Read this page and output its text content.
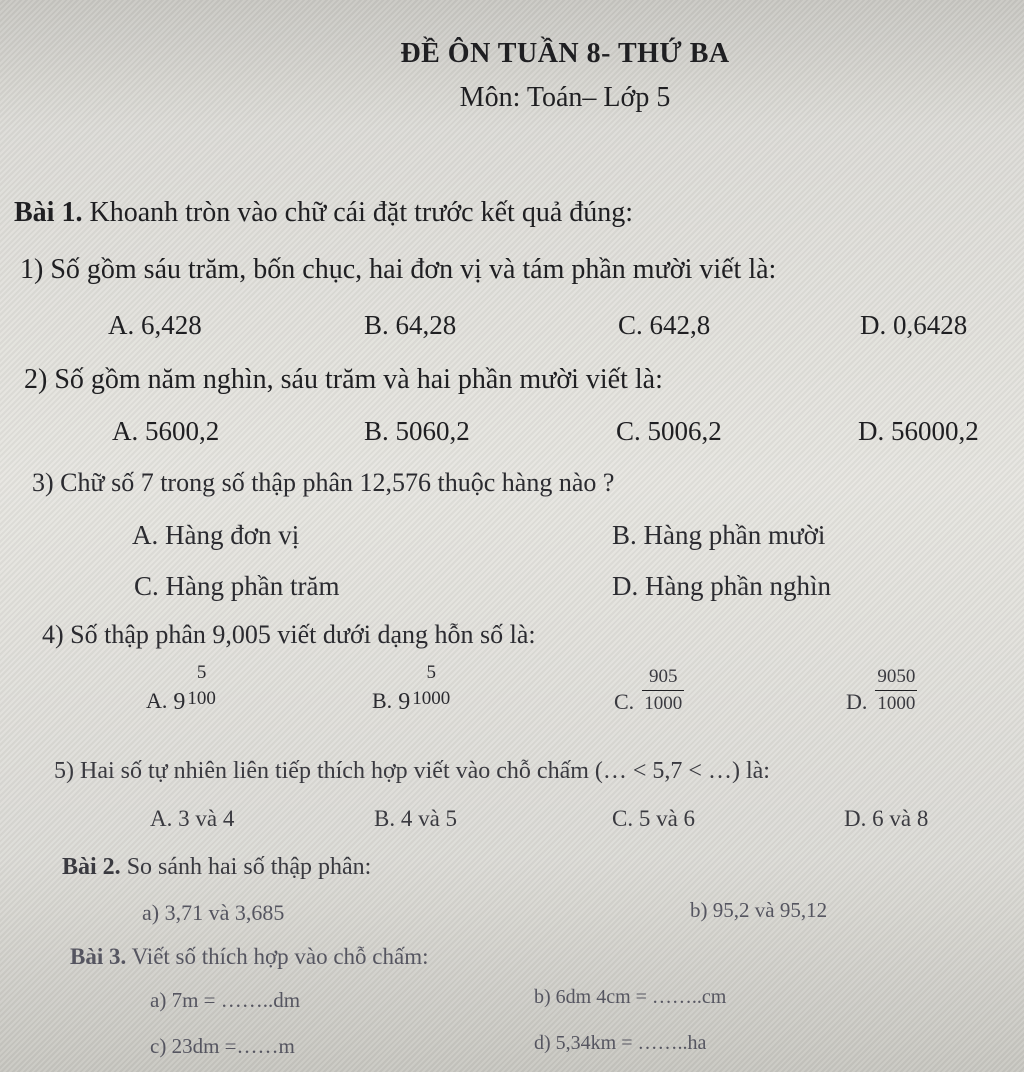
ĐỀ ÔN TUẦN 8- THỨ BA
Môn: Toán– Lớp 5
Bài 1. Khoanh tròn vào chữ cái đặt trước kết quả đúng:
1) Số gồm sáu trăm, bốn chục, hai đơn vị và tám phần mười viết là:
A. 6,428	B. 64,28	C. 642,8	D. 0,6428
2) Số gồm năm nghìn, sáu trăm và hai phần mười viết là:
A. 5600,2	B. 5060,2	C. 5006,2	D. 56000,2
3) Chữ số 7 trong số thập phân 12,576 thuộc hàng nào ?
A. Hàng đơn vị	B. Hàng phần mười
C. Hàng phần trăm	D. Hàng phần nghìn
4) Số thập phân 9,005 viết dưới dạng hỗn số là:
A. 9
5
100	B. 9
5
1000	C. $\frac{905}{1000}$	D. $\frac{9050}{1000}$
5) Hai số tự nhiên liên tiếp thích hợp viết vào chỗ chấm (… < 5,7 < …) là:
A. 3 và 4	B. 4 và 5	C. 5 và 6	D. 6 và 8
Bài 2. So sánh hai số thập phân:
a) 3,71 và 3,685	b) 95,2 và 95,12
Bài 3. Viết số thích hợp vào chỗ chấm:
a) 7m = ……..dm	b) 6dm 4cm = ……..cm
c) 23dm =……m	d) 5,34km = ……..ha
